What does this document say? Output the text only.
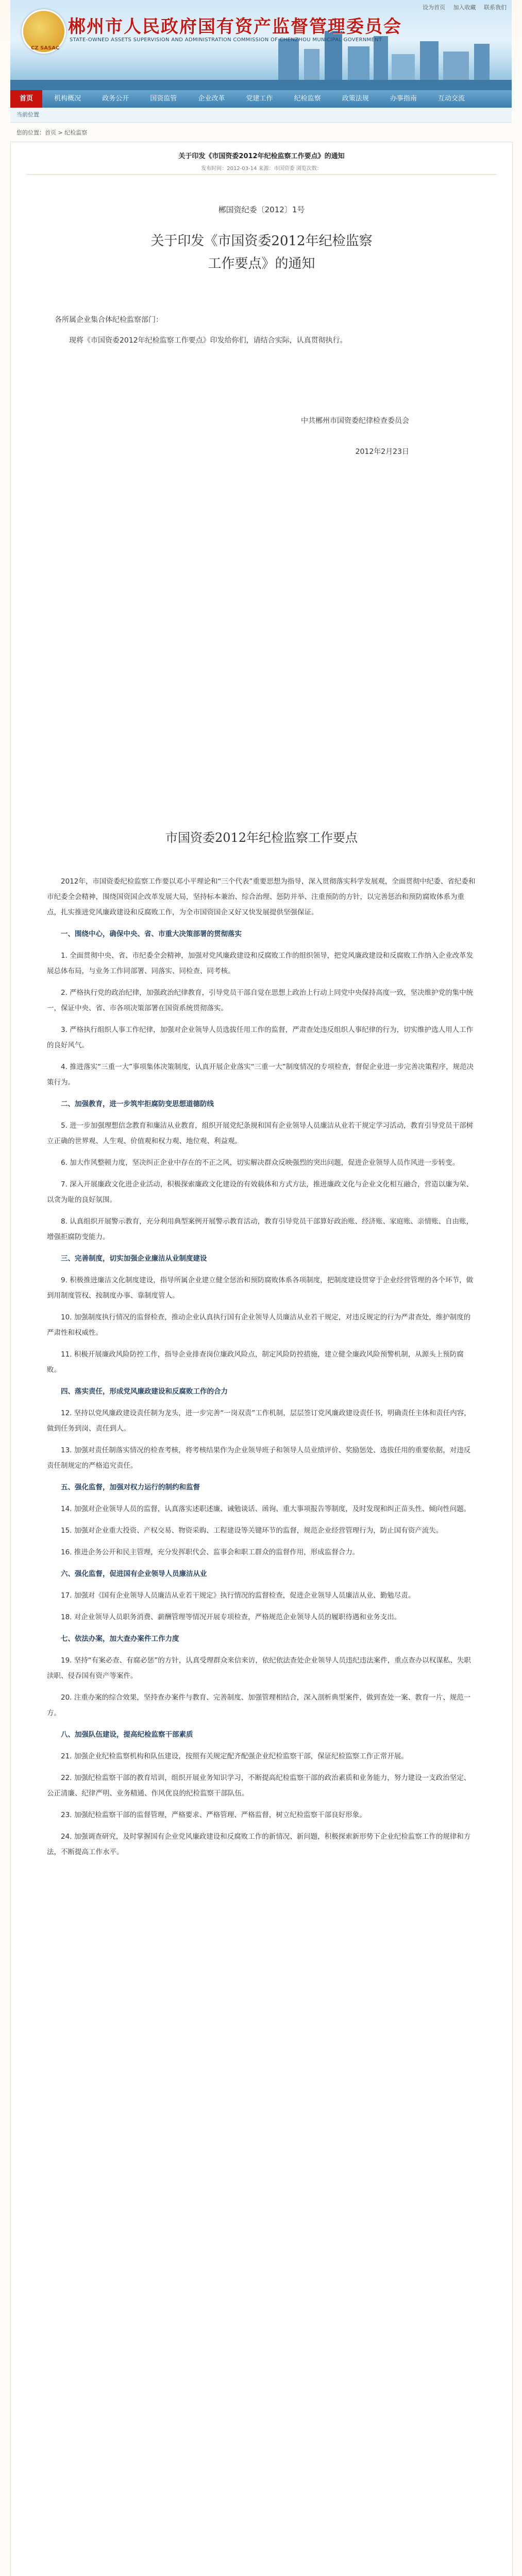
CZ SASAC
郴州市人民政府国有资产监督管理委员会
STATE-OWNED ASSETS SUPERVISION AND ADMINISTRATION COMMISSION OF CHENZHOU MUNICIPAL GOVERNMENT
设为首页 加入收藏 联系我们
首页	机构概况	政务公开	国资监管	企业改革	党建工作	纪检监察	政策法规	办事指南	互动交流
当前位置
您的位置：首页 > 纪检监察
关于印发《市国资委2012年纪检监察工作要点》的通知
发布时间：2012-03-14 来源：市国资委 浏览次数：
郴国资纪委〔2012〕1号
关于印发《市国资委2012年纪检监察
工作要点》的通知
各所属企业集合体纪检监察部门：
现将《市国资委2012年纪检监察工作要点》印发给你们，请结合实际，认真贯彻执行。
中共郴州市国资委纪律检查委员会
2012年2月23日
市国资委2012年纪检监察工作要点

2012年，市国资委纪检监察工作要以邓小平理论和“三个代表”重要思想为指导，深入贯彻落实科学发展观，全面贯彻中纪委、省纪委和市纪委全会精神，围绕国资国企改革发展大局，坚持标本兼治、综合治理、惩防并举、注重预防的方针，以完善惩治和预防腐败体系为重点，扎实推进党风廉政建设和反腐败工作，为全市国资国企又好又快发展提供坚强保证。

一、围绕中心，确保中央、省、市重大决策部署的贯彻落实

1. 全面贯彻中央、省、市纪委全会精神，加强对党风廉政建设和反腐败工作的组织领导，把党风廉政建设和反腐败工作纳入企业改革发展总体布局，与业务工作同部署、同落实、同检查、同考核。

2. 严格执行党的政治纪律，加强政治纪律教育，引导党员干部自觉在思想上政治上行动上同党中央保持高度一致，坚决维护党的集中统一，保证中央、省、市各项决策部署在国资系统贯彻落实。

3. 严格执行组织人事工作纪律，加强对企业领导人员选拔任用工作的监督，严肃查处违反组织人事纪律的行为，切实维护选人用人工作的良好风气。

4. 推进落实“三重一大”事项集体决策制度，认真开展企业落实“三重一大”制度情况的专项检查，督促企业进一步完善决策程序，规范决策行为。

二、加强教育，进一步筑牢拒腐防变思想道德防线

5. 进一步加强理想信念教育和廉洁从业教育，组织开展党纪条规和国有企业领导人员廉洁从业若干规定学习活动，教育引导党员干部树立正确的世界观、人生观、价值观和权力观、地位观、利益观。

6. 加大作风整顿力度，坚决纠正企业中存在的不正之风，切实解决群众反映强烈的突出问题，促进企业领导人员作风进一步转变。

7. 深入开展廉政文化进企业活动，积极探索廉政文化建设的有效载体和方式方法，推进廉政文化与企业文化相互融合，营造以廉为荣、以贪为耻的良好氛围。

8. 认真组织开展警示教育，充分利用典型案例开展警示教育活动，教育引导党员干部算好政治账、经济账、家庭账、亲情账、自由账，增强拒腐防变能力。

三、完善制度，切实加强企业廉洁从业制度建设

9. 积极推进廉洁文化制度建设，指导所属企业建立健全惩治和预防腐败体系各项制度，把制度建设贯穿于企业经营管理的各个环节，做到用制度管权、按制度办事、靠制度管人。

10. 加强制度执行情况的监督检查，推动企业认真执行国有企业领导人员廉洁从业若干规定，对违反规定的行为严肃查处，维护制度的严肃性和权威性。

11. 积极开展廉政风险防控工作，指导企业排查岗位廉政风险点，制定风险防控措施，建立健全廉政风险预警机制，从源头上预防腐败。

四、落实责任，形成党风廉政建设和反腐败工作的合力

12. 坚持以党风廉政建设责任制为龙头，进一步完善“一岗双责”工作机制，层层签订党风廉政建设责任书，明确责任主体和责任内容，做到任务到岗、责任到人。

13. 加强对责任制落实情况的检查考核，将考核结果作为企业领导班子和领导人员业绩评价、奖励惩处、选拔任用的重要依据，对违反责任制规定的严格追究责任。

五、强化监督，加强对权力运行的制约和监督

14. 加强对企业领导人员的监督，认真落实述职述廉、诫勉谈话、函询、重大事项报告等制度，及时发现和纠正苗头性、倾向性问题。

15. 加强对企业重大投资、产权交易、物资采购、工程建设等关键环节的监督，规范企业经营管理行为，防止国有资产流失。

16. 推进企务公开和民主管理，充分发挥职代会、监事会和职工群众的监督作用，形成监督合力。

六、强化监督，促进国有企业领导人员廉洁从业

17. 加强对《国有企业领导人员廉洁从业若干规定》执行情况的监督检查，促进企业领导人员廉洁从业、勤勉尽责。

18. 对企业领导人员职务消费、薪酬管理等情况开展专项检查，严格规范企业领导人员的履职待遇和业务支出。

七、依法办案，加大查办案件工作力度

19. 坚持“有案必查、有腐必惩”的方针，认真受理群众来信来访，依纪依法查处企业领导人员违纪违法案件，重点查办以权谋私、失职渎职、侵吞国有资产等案件。

20. 注重办案的综合效果，坚持查办案件与教育、完善制度、加强管理相结合，深入剖析典型案件，做到查处一案、教育一片、规范一方。

八、加强队伍建设，提高纪检监察干部素质

21. 加强企业纪检监察机构和队伍建设，按照有关规定配齐配强企业纪检监察干部，保证纪检监察工作正常开展。

22. 加强纪检监察干部的教育培训，组织开展业务知识学习，不断提高纪检监察干部的政治素质和业务能力，努力建设一支政治坚定、公正清廉、纪律严明、业务精通、作风优良的纪检监察干部队伍。

23. 加强纪检监察干部的监督管理，严格要求、严格管理、严格监督，树立纪检监察干部良好形象。

24. 加强调查研究，及时掌握国有企业党风廉政建设和反腐败工作的新情况、新问题，积极探索新形势下企业纪检监察工作的规律和方法，不断提高工作水平。
